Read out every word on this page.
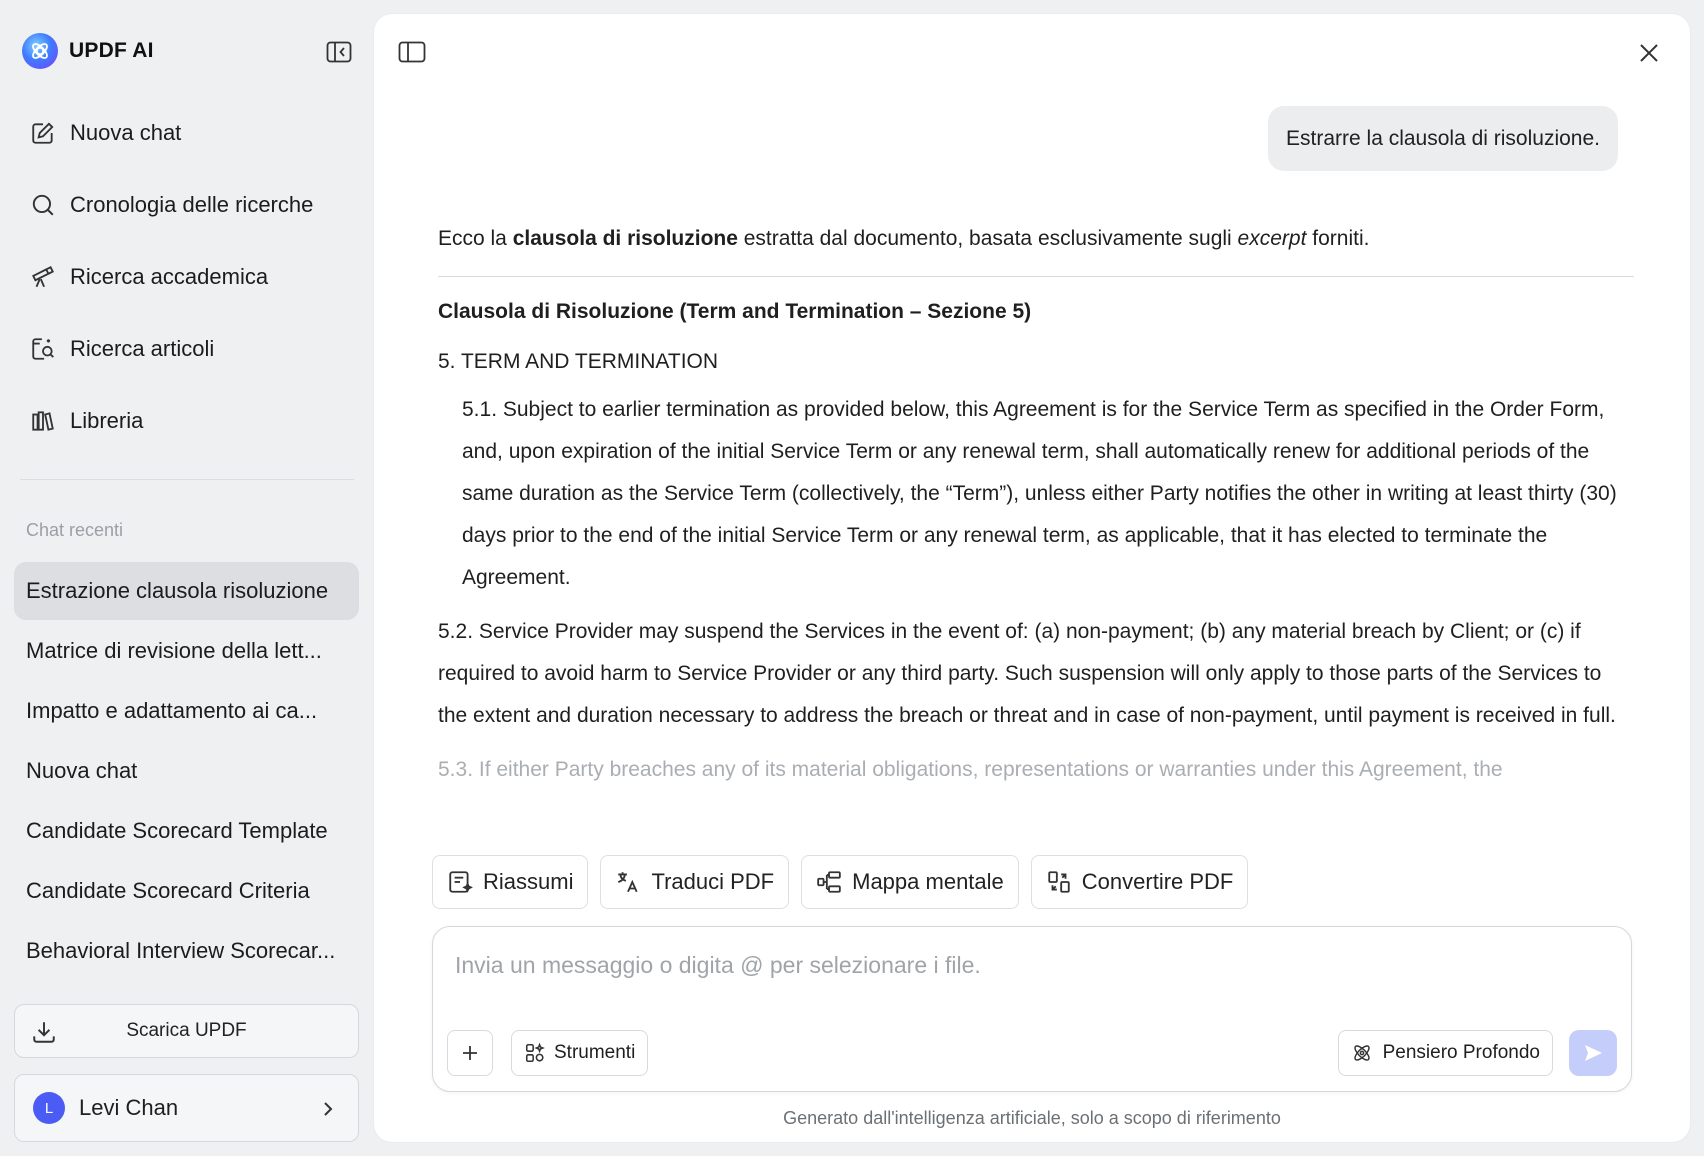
UPDF AI
Nuova chat
Cronologia delle ricerche
Ricerca accademica
Ricerca articoli
Libreria
Chat recenti
Estrazione clausola risoluzione
Matrice di revisione della lett...
Impatto e adattamento ai ca...
Nuova chat
Candidate Scorecard Template
Candidate Scorecard Criteria
Behavioral Interview Scorecar...
Scarica UPDF
L	Levi Chan
Estrarre la clausola di risoluzione.

Ecco la clausola di risoluzione estratta dal documento, basata esclusivamente sugli excerpt forniti.

Clausola di Risoluzione (Term and Termination – Sezione 5)

5. TERM AND TERMINATION

5.1. Subject to earlier termination as provided below, this Agreement is for the Service Term as specified in the Order Form, and, upon expiration of the initial Service Term or any renewal term, shall automatically renew for additional periods of the same duration as the Service Term (collectively, the “Term”), unless either Party notifies the other in writing at least thirty (30) days prior to the end of the initial Service Term or any renewal term, as applicable, that it has elected to terminate the Agreement.

5.2. Service Provider may suspend the Services in the event of: (a) non-payment; (b) any material breach by Client; or (c) if required to avoid harm to Service Provider or any third party. Such suspension will only apply to those parts of the Services to the extent and duration necessary to address the breach or threat and in case of non-payment, until payment is received in full.

5.3. If either Party breaches any of its material obligations, representations or warranties under this Agreement, the

Riassumi	Traduci PDF	Mappa mentale	Convertire PDF
Invia un messaggio o digita @ per selezionare i file.
Strumenti	Pensiero Profondo
Generato dall'intelligenza artificiale, solo a scopo di riferimento
